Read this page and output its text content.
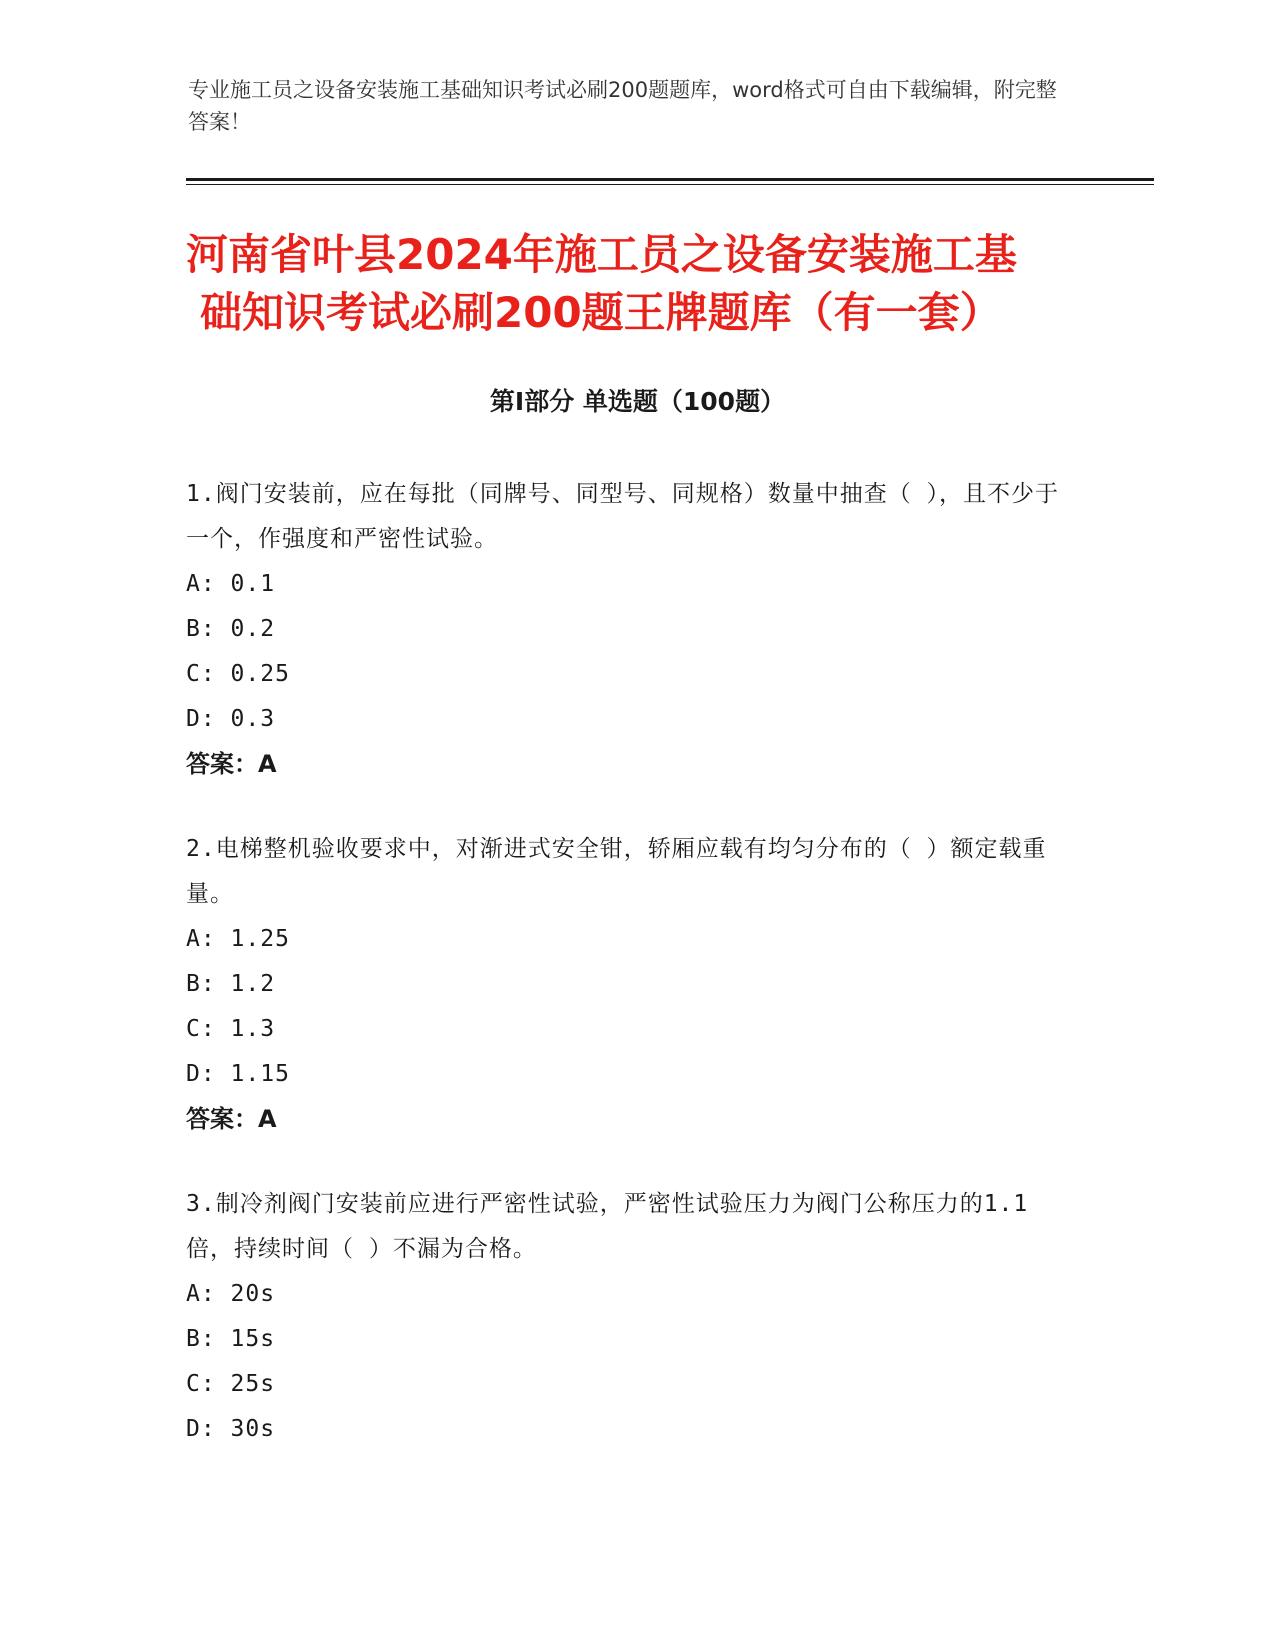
专业施工员之设备安装施工基础知识考试必刷200题题库，word格式可自由下载编辑，附完整答案！
河南省叶县2024年施工员之设备安装施工基
础知识考试必刷200题王牌题库（有一套）
第Ⅰ部分 单选题（100题）
1.阀门安装前，应在每批（同牌号、同型号、同规格）数量中抽查（ ），且不少于一个，作强度和严密性试验。
A: 0.1
B: 0.2
C: 0.25
D: 0.3
答案：A
2.电梯整机验收要求中，对渐进式安全钳，轿厢应载有均匀分布的（ ）额定载重量。
A: 1.25
B: 1.2
C: 1.3
D: 1.15
答案：A
3.制冷剂阀门安装前应进行严密性试验，严密性试验压力为阀门公称压力的1.1倍，持续时间（ ）不漏为合格。
A: 20s
B: 15s
C: 25s
D: 30s
